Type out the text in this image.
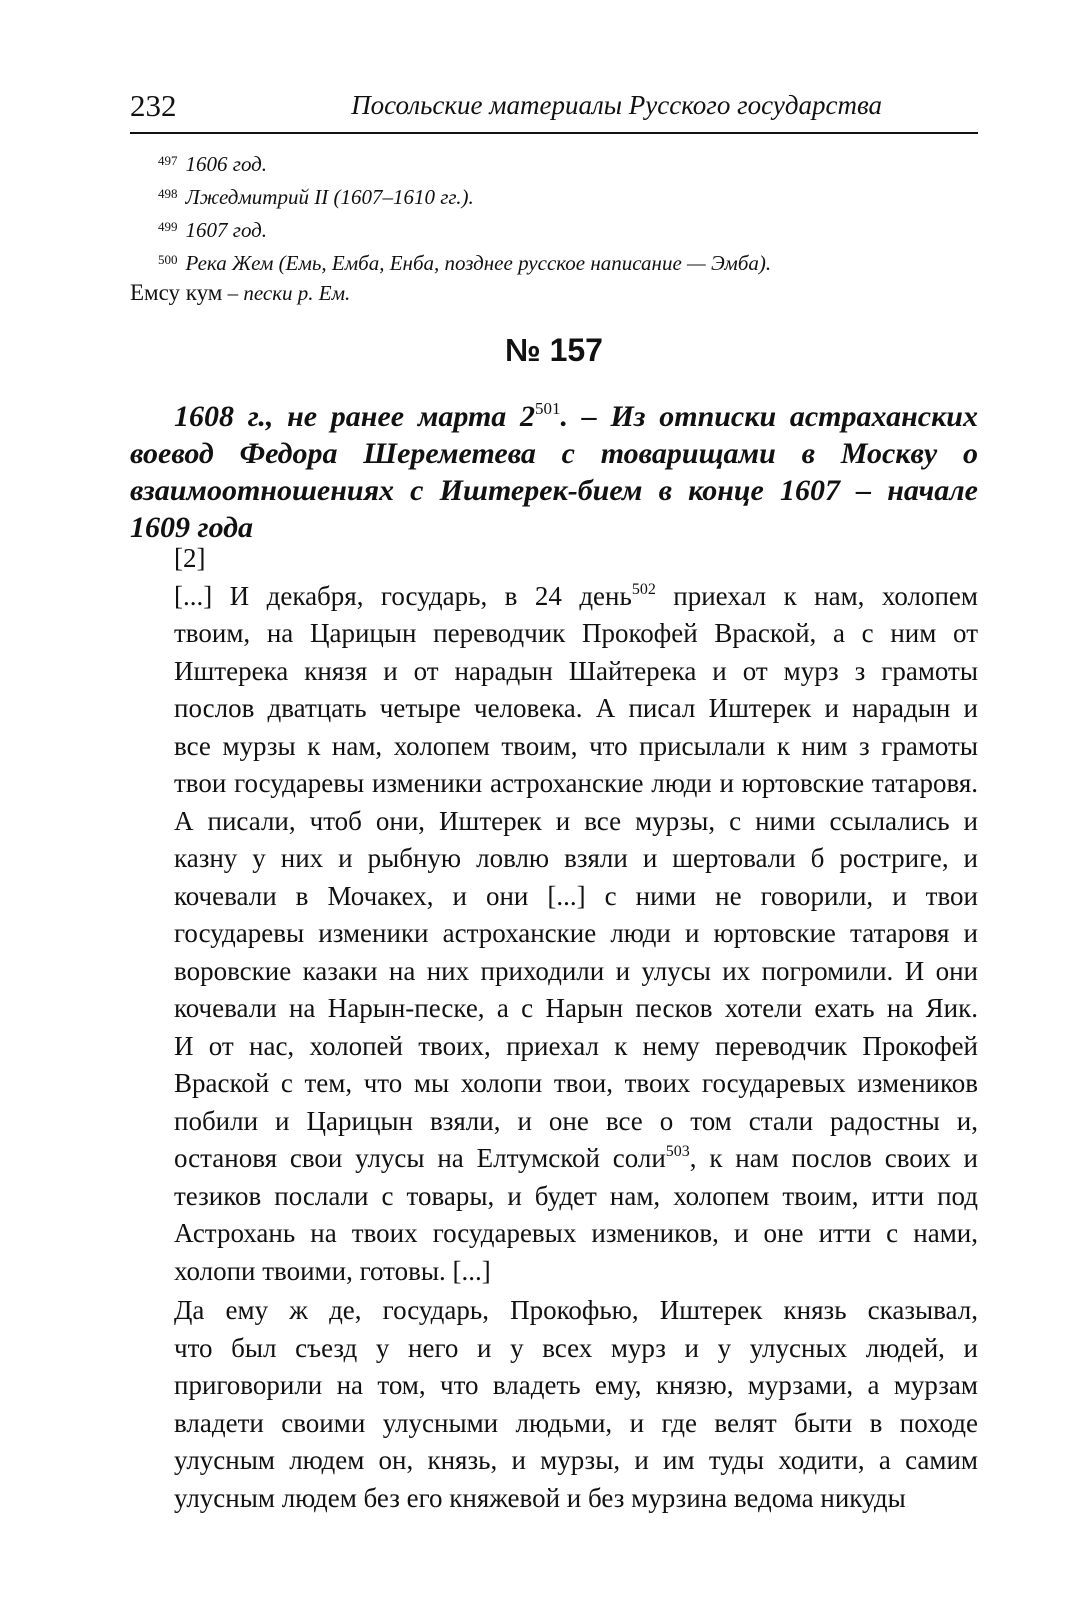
232	Посольские материалы Русского государства
$^{497}$ 1606 год.
$^{498}$ Лжедмитрий II (1607–1610 гг.).
$^{499}$ 1607 год.
$^{500}$ Река Жем (Емь, Емба, Енба, позднее русское написание — Эмба).
Емсу кум – пески р. Ем.
№ 157
1608 г., не ранее марта $2^{501}$. – Из отписки астраханских воевод Федора Шереметева с товарищами в Москву о взаимоотношениях с Иштерек-бием в конце 1607 – начале 1609 года
[2]
[...] И декабря, государь, в 24 день$^{502}$ приехал к нам, холопем
твоим, на Царицын переводчик Прокофей Враской, а с ним от
Иштерека князя и от нарадын Шайтерека и от мурз з грамоты
послов дватцать четыре человека. А писал Иштерек и нарадын и
все мурзы к нам, холопем твоим, что присылали к ним з грамоты
твои государевы изменики астроханские люди и юртовские татаровя.
А писали, чтоб они, Иштерек и все мурзы, с ними ссылались и
казну у них и рыбную ловлю взяли и шертовали б ростриге, и
кочевали в Мочакех, и они [...] с ними не говорили, и твои
государевы изменики астроханские люди и юртовские татаровя и
воровские казаки на них приходили и улусы их погромили. И они
кочевали на Нарын-песке, а с Нарын песков хотели ехать на Яик.
И от нас, холопей твоих, приехал к нему переводчик Прокофей
Враской с тем, что мы холопи твои, твоих государевых измеников
побили и Царицын взяли, и оне все о том стали радостны и,
остановя свои улусы на Елтумской соли$^{503}$, к нам послов своих и
тезиков послали с товары, и будет нам, холопем твоим, итти под
Астрохань на твоих государевых измеников, и оне итти с нами,
холопи твоими, готовы. [...]
Да ему ж де, государь, Прокофью, Иштерек князь сказывал,
что был съезд у него и у всех мурз и у улусных людей, и
приговорили на том, что владеть ему, князю, мурзами, а мурзам
владети своими улусными людьми, и где велят быти в походе
улусным людем он, князь, и мурзы, и им туды ходити, а самим
улусным людем без его княжевой и без мурзина ведома никуды
